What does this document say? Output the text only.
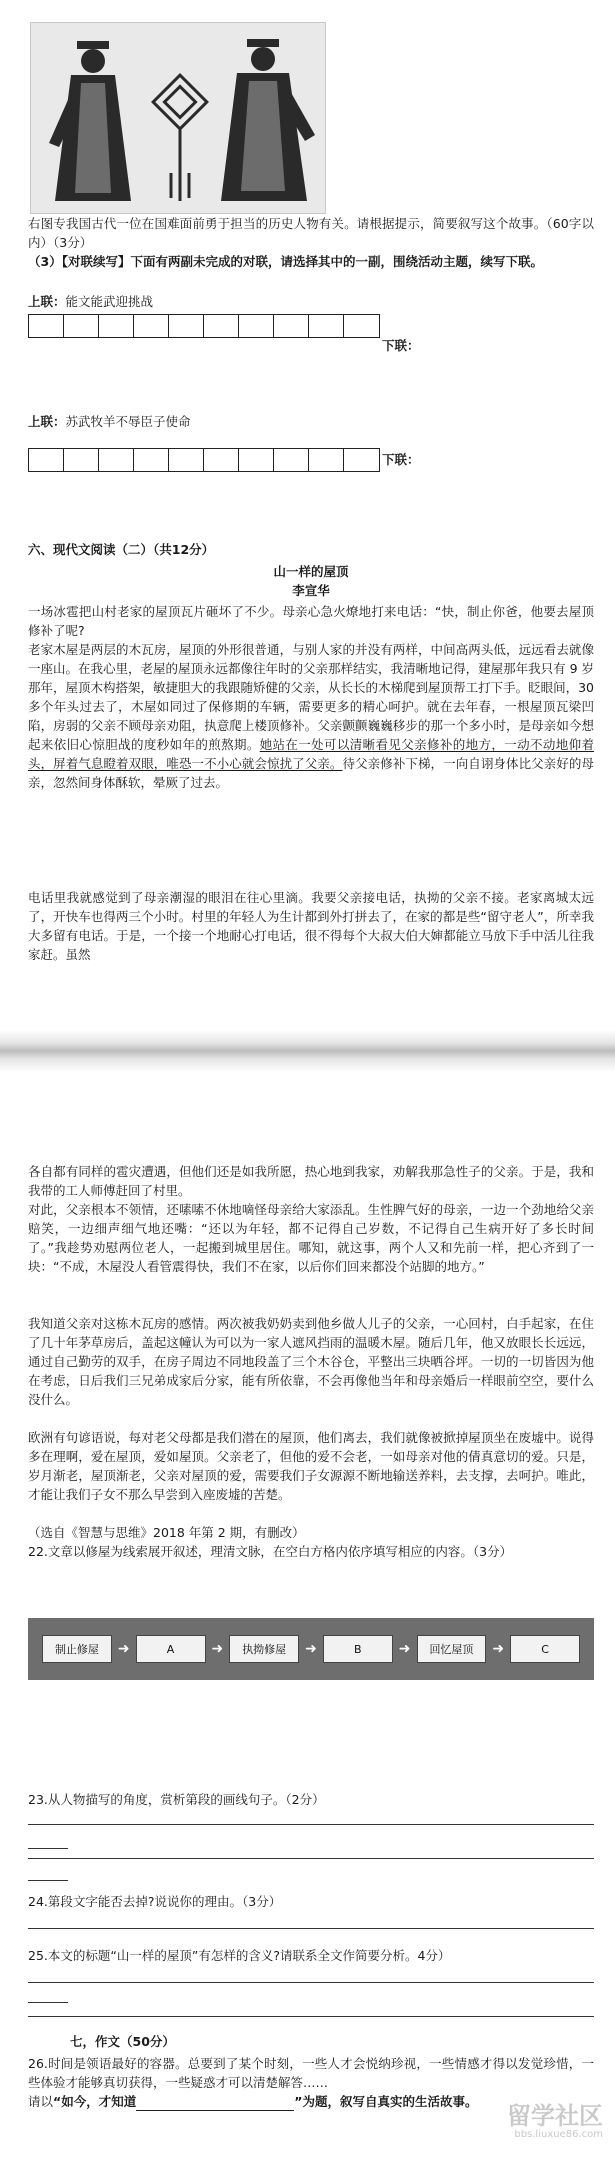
右图专我国古代一位在国难面前勇于担当的历史人物有关。请根据提示，简要叙写这个故事。（60字以内）（3分）

（3）【对联续写】下面有两副未完成的对联，请选择其中的一副，围绕活动主题，续写下联。

上联：能文能武迎挑战

下联：

上联：苏武牧羊不辱臣子使命

下联：

六、现代文阅读（二）（共12分）

山一样的屋顶

李宣华

一场冰雹把山村老家的屋顶瓦片砸坏了不少。母亲心急火燎地打来电话：“快，制止你爸，他要去屋顶修补了呢?

老家木屋是两层的木瓦房，屋顶的外形很普通，与别人家的并没有两样，中间高两头低，远远看去就像一座山。在我心里，老屋的屋顶永远都像往年时的父亲那样结实，我清晰地记得，建屋那年我只有 9 岁那年，屋顶木构搭架，敏捷胆大的我跟随矫健的父亲，从长长的木梯爬到屋顶帮工打下手。眨眼间，30 多个年头过去了，木屋如同过了保修期的车辆，需要更多的精心呵护。就在去年春，一根屋顶瓦梁凹陷，房弱的父亲不顾母亲劝阻，执意爬上楼顶修补。父亲颤颤巍巍移步的那一个多小时，是母亲如今想起来依旧心惊胆战的度秒如年的煎熬期。她站在一处可以清晰看见父亲修补的地方，一动不动地仰着头，屏着气息瞪着双眼，唯恐一不小心就会惊扰了父亲。待父亲修补下梯，一向自诩身体比父亲好的母亲，忽然间身体酥软，晕厥了过去。

电话里我就感觉到了母亲潮湿的眼泪在往心里滴。我要父亲接电话，执拗的父亲不接。老家离城太远了，开快车也得两三个小时。村里的年轻人为生计都到外打拼去了，在家的都是些“留守老人”，所幸我大多留有电话。于是，一个接一个地耐心打电话，很不得每个大叔大伯大婶都能立马放下手中活儿往我家赶。虽然

各自都有同样的雹灾遭遇，但他们还是如我所愿，热心地到我家，劝解我那急性子的父亲。于是，我和我带的工人师傅赶回了村里。

对此，父亲根本不领情，还嗉嗉不休地嘀怪母亲给大家添乱。生性脾气好的母亲，一边一个劲地给父亲赔笑，一边细声细气地还嘴：“还以为年轻，都不记得自己岁数，不记得自己生病开好了多长时间了。”我趁势劝慰两位老人，一起搬到城里居住。哪知，就这事，两个人又和先前一样，把心齐到了一块：“不成，木屋没人看管震得快，我们不在家，以后你们回来都没个站脚的地方。”

我知道父亲对这栋木瓦房的感情。两次被我奶奶卖到他乡做人儿子的父亲，一心回村，白手起家，在住了几十年茅草房后，盖起这幢认为可以为一家人遮风挡雨的温暖木屋。随后几年，他又放眼长长远远，通过自己勤劳的双手，在房子周边不同地段盖了三个木谷仓，平整出三块晒谷坪。一切的一切皆因为他在考虑，日后我们三兄弟成家后分家，能有所依靠，不会再像他当年和母亲婚后一样眼前空空，要什么没什么。

欧洲有句谚语说，每对老父母都是我们潜在的屋顶，他们离去，我们就像被掀掉屋顶坐在废墟中。说得多在理啊，爱在屋顶，爱如屋顶。父亲老了，但他的爱不会老，一如母亲对他的倩真意切的爱。只是，岁月渐老，屋顶渐老，父亲对屋顶的爱，需要我们子女源源不断地输送养料，去支撑，去呵护。唯此，才能让我们子女不那么早尝到入座废墟的苦楚。

（选自《智慧与思维》2018 年第 2 期，有删改）

22.文章以修屋为线索展开叙述，理清文脉，在空白方格内依序填写相应的内容。（3分）

制止修屋	➜	A	➜	执拗修屋	➜	B	➜	回忆屋顶	➜	C

23.从人物描写的角度，赏析第段的画线句子。（2分）

24.第段文字能否去掉?说说你的理由。（3分）

25.本文的标题“山一样的屋顶”有怎样的含义?请联系全文作简要分析。4分）

七，作文（50分）

26.时间是领语最好的容器。总要到了某个时刻，一些人才会悦纳珍视，一些情感才得以发觉珍惜，一些体验才能够真切获得，一些疑惑才可以清楚解答……

请以“如今，才知道	”为题，叙写自真实的生活故事。

留学社区
bbs.liuxue86.com
